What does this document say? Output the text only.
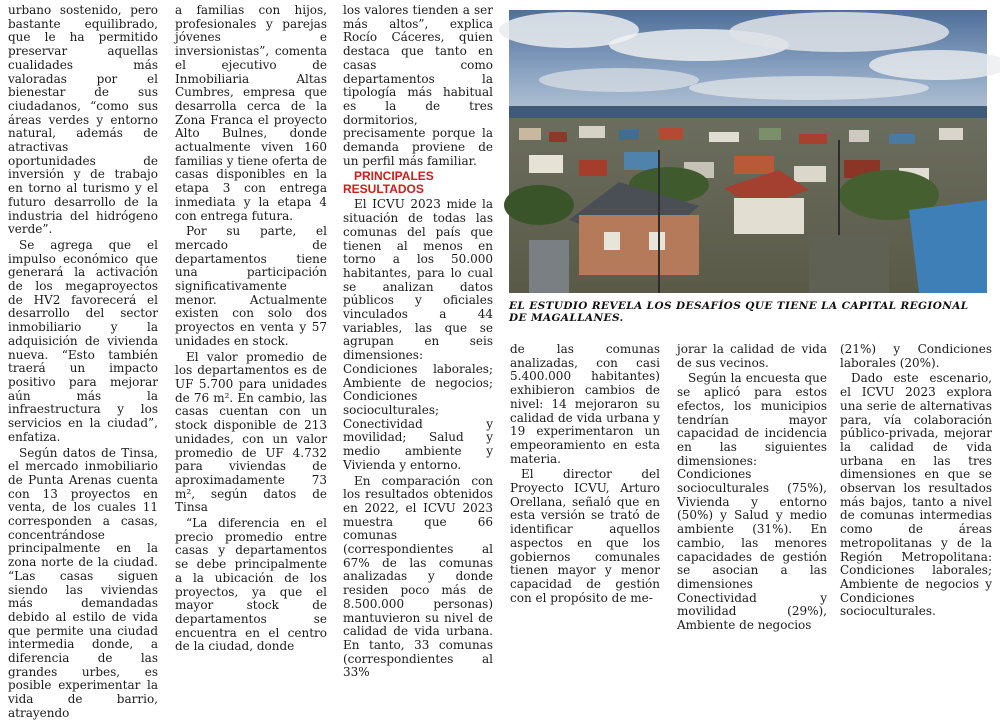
urbano sostenido, pero bastante equilibrado, que le ha permitido preservar aquellas cualidades más valoradas por el bienestar de sus ciudadanos, “como sus áreas verdes y entorno natural, además de atractivas oportunidades de inversión y de trabajo en torno al turismo y el futuro desarrollo de la industria del hidrógeno verde”.

Se agrega que el impulso económico que generará la activación de los megaproyectos de HV2 favorecerá el desarrollo del sector inmobiliario y la adquisición de vivienda nueva. “Esto también traerá un impacto positivo para mejorar aún más la infraestructura y los servicios en la ciudad”, enfatiza.

Según datos de Tinsa, el mercado inmobiliario de Punta Arenas cuenta con 13 proyectos en venta, de los cuales 11 corresponden a casas, concentrándose principalmente en la zona norte de la ciudad. “Las casas siguen siendo las viviendas más demandadas debido al estilo de vida que permite una ciudad intermedia donde, a diferencia de las grandes urbes, es posible experimentar la vida de barrio, atrayendo

a familias con hijos, profesionales y parejas jóvenes e inversionistas”, comenta el ejecutivo de Inmobiliaria Altas Cumbres, empresa que desarrolla cerca de la Zona Franca el proyecto Alto Bulnes, donde actualmente viven 160 familias y tiene oferta de casas disponibles en la etapa 3 con entrega inmediata y la etapa 4 con entrega futura.

Por su parte, el mercado de departamentos tiene una participación significativamente menor. Actualmente existen con solo dos proyectos en venta y 57 unidades en stock.

El valor promedio de los departamentos es de UF 5.700 para unidades de 76 m². En cambio, las casas cuentan con un stock disponible de 213 unidades, con un valor promedio de UF 4.732 para viviendas de aproximadamente 73 m², según datos de Tinsa

“La diferencia en el precio promedio entre casas y departamentos se debe principalmente a la ubicación de los proyectos, ya que el mayor stock de departamentos se encuentra en el centro de la ciudad, donde

los valores tienden a ser más altos”, explica Rocío Cáceres, quien destaca que tanto en casas como departamentos la tipología más habitual es la de tres dormitorios, precisamente porque la demanda proviene de un perfil más familiar.

PRINCIPALES RESULTADOS

El ICVU 2023 mide la situación de todas las comunas del país que tienen al menos en torno a los 50.000 habitantes, para lo cual se analizan datos públicos y oficiales vinculados a 44 variables, las que se agrupan en seis dimensiones: Condiciones laborales; Ambiente de negocios; Condiciones socioculturales; Conectividad y movilidad; Salud y medio ambiente y Vivienda y entorno.

En comparación con los resultados obtenidos en 2022, el ICVU 2023 muestra que 66 comunas (correspondientes al 67% de las comunas analizadas y donde residen poco más de 8.500.000 personas) mantuvieron su nivel de calidad de vida urbana. En tanto, 33 comunas (correspondientes al 33%

EL ESTUDIO REVELA LOS DESAFÍOS QUE TIENE LA CAPITAL REGIONAL DE MAGALLANES.

de las comunas analizadas, con casi 5.400.000 habitantes) exhibieron cambios de nivel: 14 mejoraron su calidad de vida urbana y 19 experimentaron un empeoramiento en esta materia.

El director del Proyecto ICVU, Arturo Orellana, señaló que en esta versión se trató de identificar aquellos aspectos en que los gobiernos comunales tienen mayor y menor capacidad de gestión con el propósito de me-

jorar la calidad de vida de sus vecinos.

Según la encuesta que se aplicó para estos efectos, los municipios tendrían mayor capacidad de incidencia en las siguientes dimensiones: Condiciones socioculturales (75%), Vivienda y entorno (50%) y Salud y medio ambiente (31%). En cambio, las menores capacidades de gestión se asocian a las dimensiones Conectividad y movilidad (29%), Ambiente de negocios

(21%) y Condiciones laborales (20%).

Dado este escenario, el ICVU 2023 explora una serie de alternativas para, vía colaboración público-privada, mejorar la calidad de vida urbana en las tres dimensiones en que se observan los resultados más bajos, tanto a nivel de comunas intermedias como de áreas metropolitanas y de la Región Metropolitana: Condiciones laborales; Ambiente de negocios y Condiciones socioculturales.
